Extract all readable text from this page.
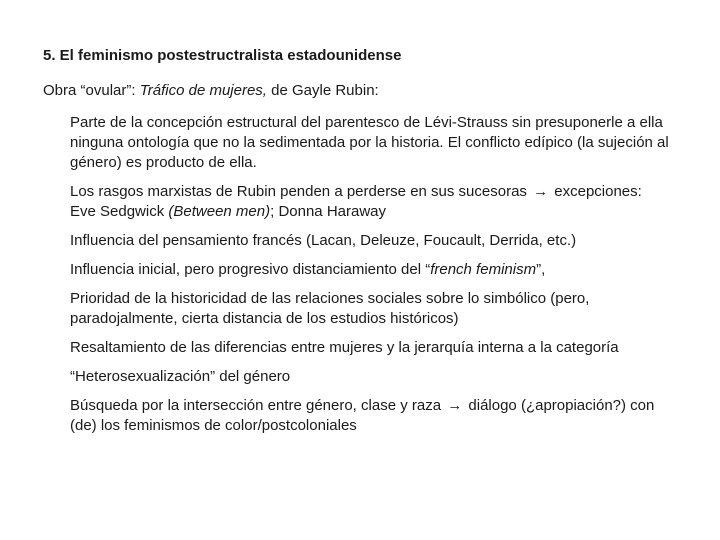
5. El feminismo postestructralista estadounidense
Obra “ovular”: Tráfico de mujeres, de Gayle Rubin:
Parte de la concepción estructural del parentesco de Lévi-Strauss sin presuponerle a ella ninguna ontología que no la sedimentada por la historia. El conflicto edípico (la sujeción al género) es producto de ella.
Los rasgos marxistas de Rubin penden a perderse en sus sucesoras → excepciones: Eve Sedgwick (Between men); Donna Haraway
Influencia del pensamiento francés (Lacan, Deleuze, Foucault, Derrida, etc.)
Influencia inicial, pero progresivo distanciamiento del “french feminism”,
Prioridad de la historicidad de las relaciones sociales sobre lo simbólico (pero, paradojalmente, cierta distancia de los estudios históricos)
Resaltamiento de las diferencias entre mujeres y la jerarquía interna a la categoría
“Heterosexualización” del género
Búsqueda por la intersección entre género, clase y raza → diálogo (¿apropiación?) con (de) los feminismos de color/postcoloniales
